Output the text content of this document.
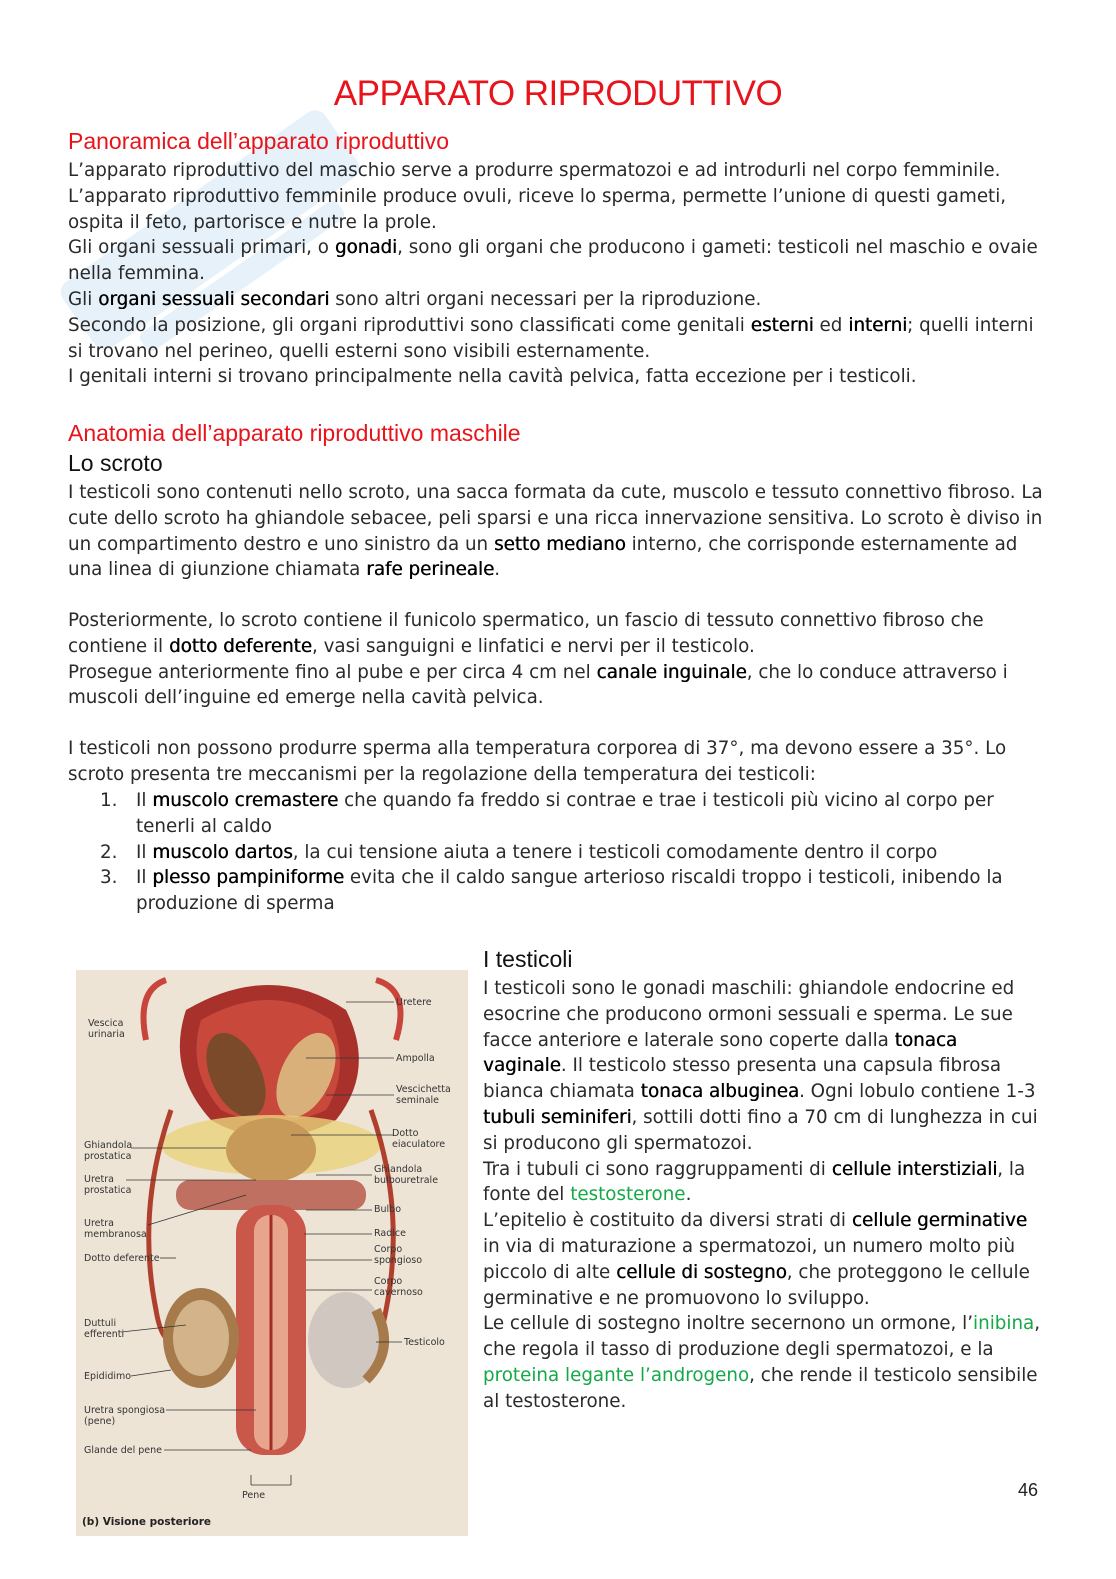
APPARATO RIPRODUTTIVO
Panoramica dell’apparato riproduttivo

L’apparato riproduttivo del maschio serve a produrre spermatozoi e ad introdurli nel corpo femminile. L’apparato riproduttivo femminile produce ovuli, riceve lo sperma, permette l’unione di questi gameti, ospita il feto, partorisce e nutre la prole.
Gli organi sessuali primari, o gonadi, sono gli organi che producono i gameti: testicoli nel maschio e ovaie nella femmina.
Gli organi sessuali secondari sono altri organi necessari per la riproduzione.
Secondo la posizione, gli organi riproduttivi sono classificati come genitali esterni ed interni; quelli interni si trovano nel perineo, quelli esterni sono visibili esternamente.
I genitali interni si trovano principalmente nella cavità pelvica, fatta eccezione per i testicoli.

Anatomia dell’apparato riproduttivo maschile
Lo scroto

I testicoli sono contenuti nello scroto, una sacca formata da cute, muscolo e tessuto connettivo fibroso. La cute dello scroto ha ghiandole sebacee, peli sparsi e una ricca innervazione sensitiva. Lo scroto è diviso in un compartimento destro e uno sinistro da un setto mediano interno, che corrisponde esternamente ad una linea di giunzione chiamata rafe perineale.

Posteriormente, lo scroto contiene il funicolo spermatico, un fascio di tessuto connettivo fibroso che contiene il dotto deferente, vasi sanguigni e linfatici e nervi per il testicolo.
Prosegue anteriormente fino al pube e per circa 4 cm nel canale inguinale, che lo conduce attraverso i muscoli dell’inguine ed emerge nella cavità pelvica.

I testicoli non possono produrre sperma alla temperatura corporea di 37°, ma devono essere a 35°. Lo scroto presenta tre meccanismi per la regolazione della temperatura dei testicoli:

1. Il muscolo cremastere che quando fa freddo si contrae e trae i testicoli più vicino al corpo per tenerli al caldo
2. Il muscolo dartos, la cui tensione aiuta a tenere i testicoli comodamente dentro il corpo
3. Il plesso pampiniforme evita che il caldo sangue arterioso riscaldi troppo i testicoli, inibendo la produzione di sperma
I testicoli

I testicoli sono le gonadi maschili: ghiandole endocrine ed esocrine che producono ormoni sessuali e sperma. Le sue facce anteriore e laterale sono coperte dalla tonaca vaginale. Il testicolo stesso presenta una capsula fibrosa bianca chiamata tonaca albuginea. Ogni lobulo contiene 1-3 tubuli seminiferi, sottili dotti fino a 70 cm di lunghezza in cui si producono gli spermatozoi.
Tra i tubuli ci sono raggruppamenti di cellule interstiziali, la fonte del testosterone.
L’epitelio è costituito da diversi strati di cellule germinative in via di maturazione a spermatozoi, un numero molto più piccolo di alte cellule di sostegno, che proteggono le cellule germinative e ne promuovono lo sviluppo.
Le cellule di sostegno inoltre secernono un ormone, l’inibina, che regola il tasso di produzione degli spermatozoi, e la proteina legante l’androgeno, che rende il testicolo sensibile al testosterone.

Uretere
Vescica urinaria
Ampolla
Vescichetta seminale
Dotto eiaculatore
Ghiandola prostatica
Ghiandola bulbouretrale
Uretra prostatica
Bulbo
Uretra membranosa	Radice
Dotto deferente
Corpo spongioso
Corpo cavernoso
Duttuli efferenti
Testicolo
Epididimo
Uretra spongiosa (pene)
Glande del pene
Pene
(b) Visione posteriore
46
